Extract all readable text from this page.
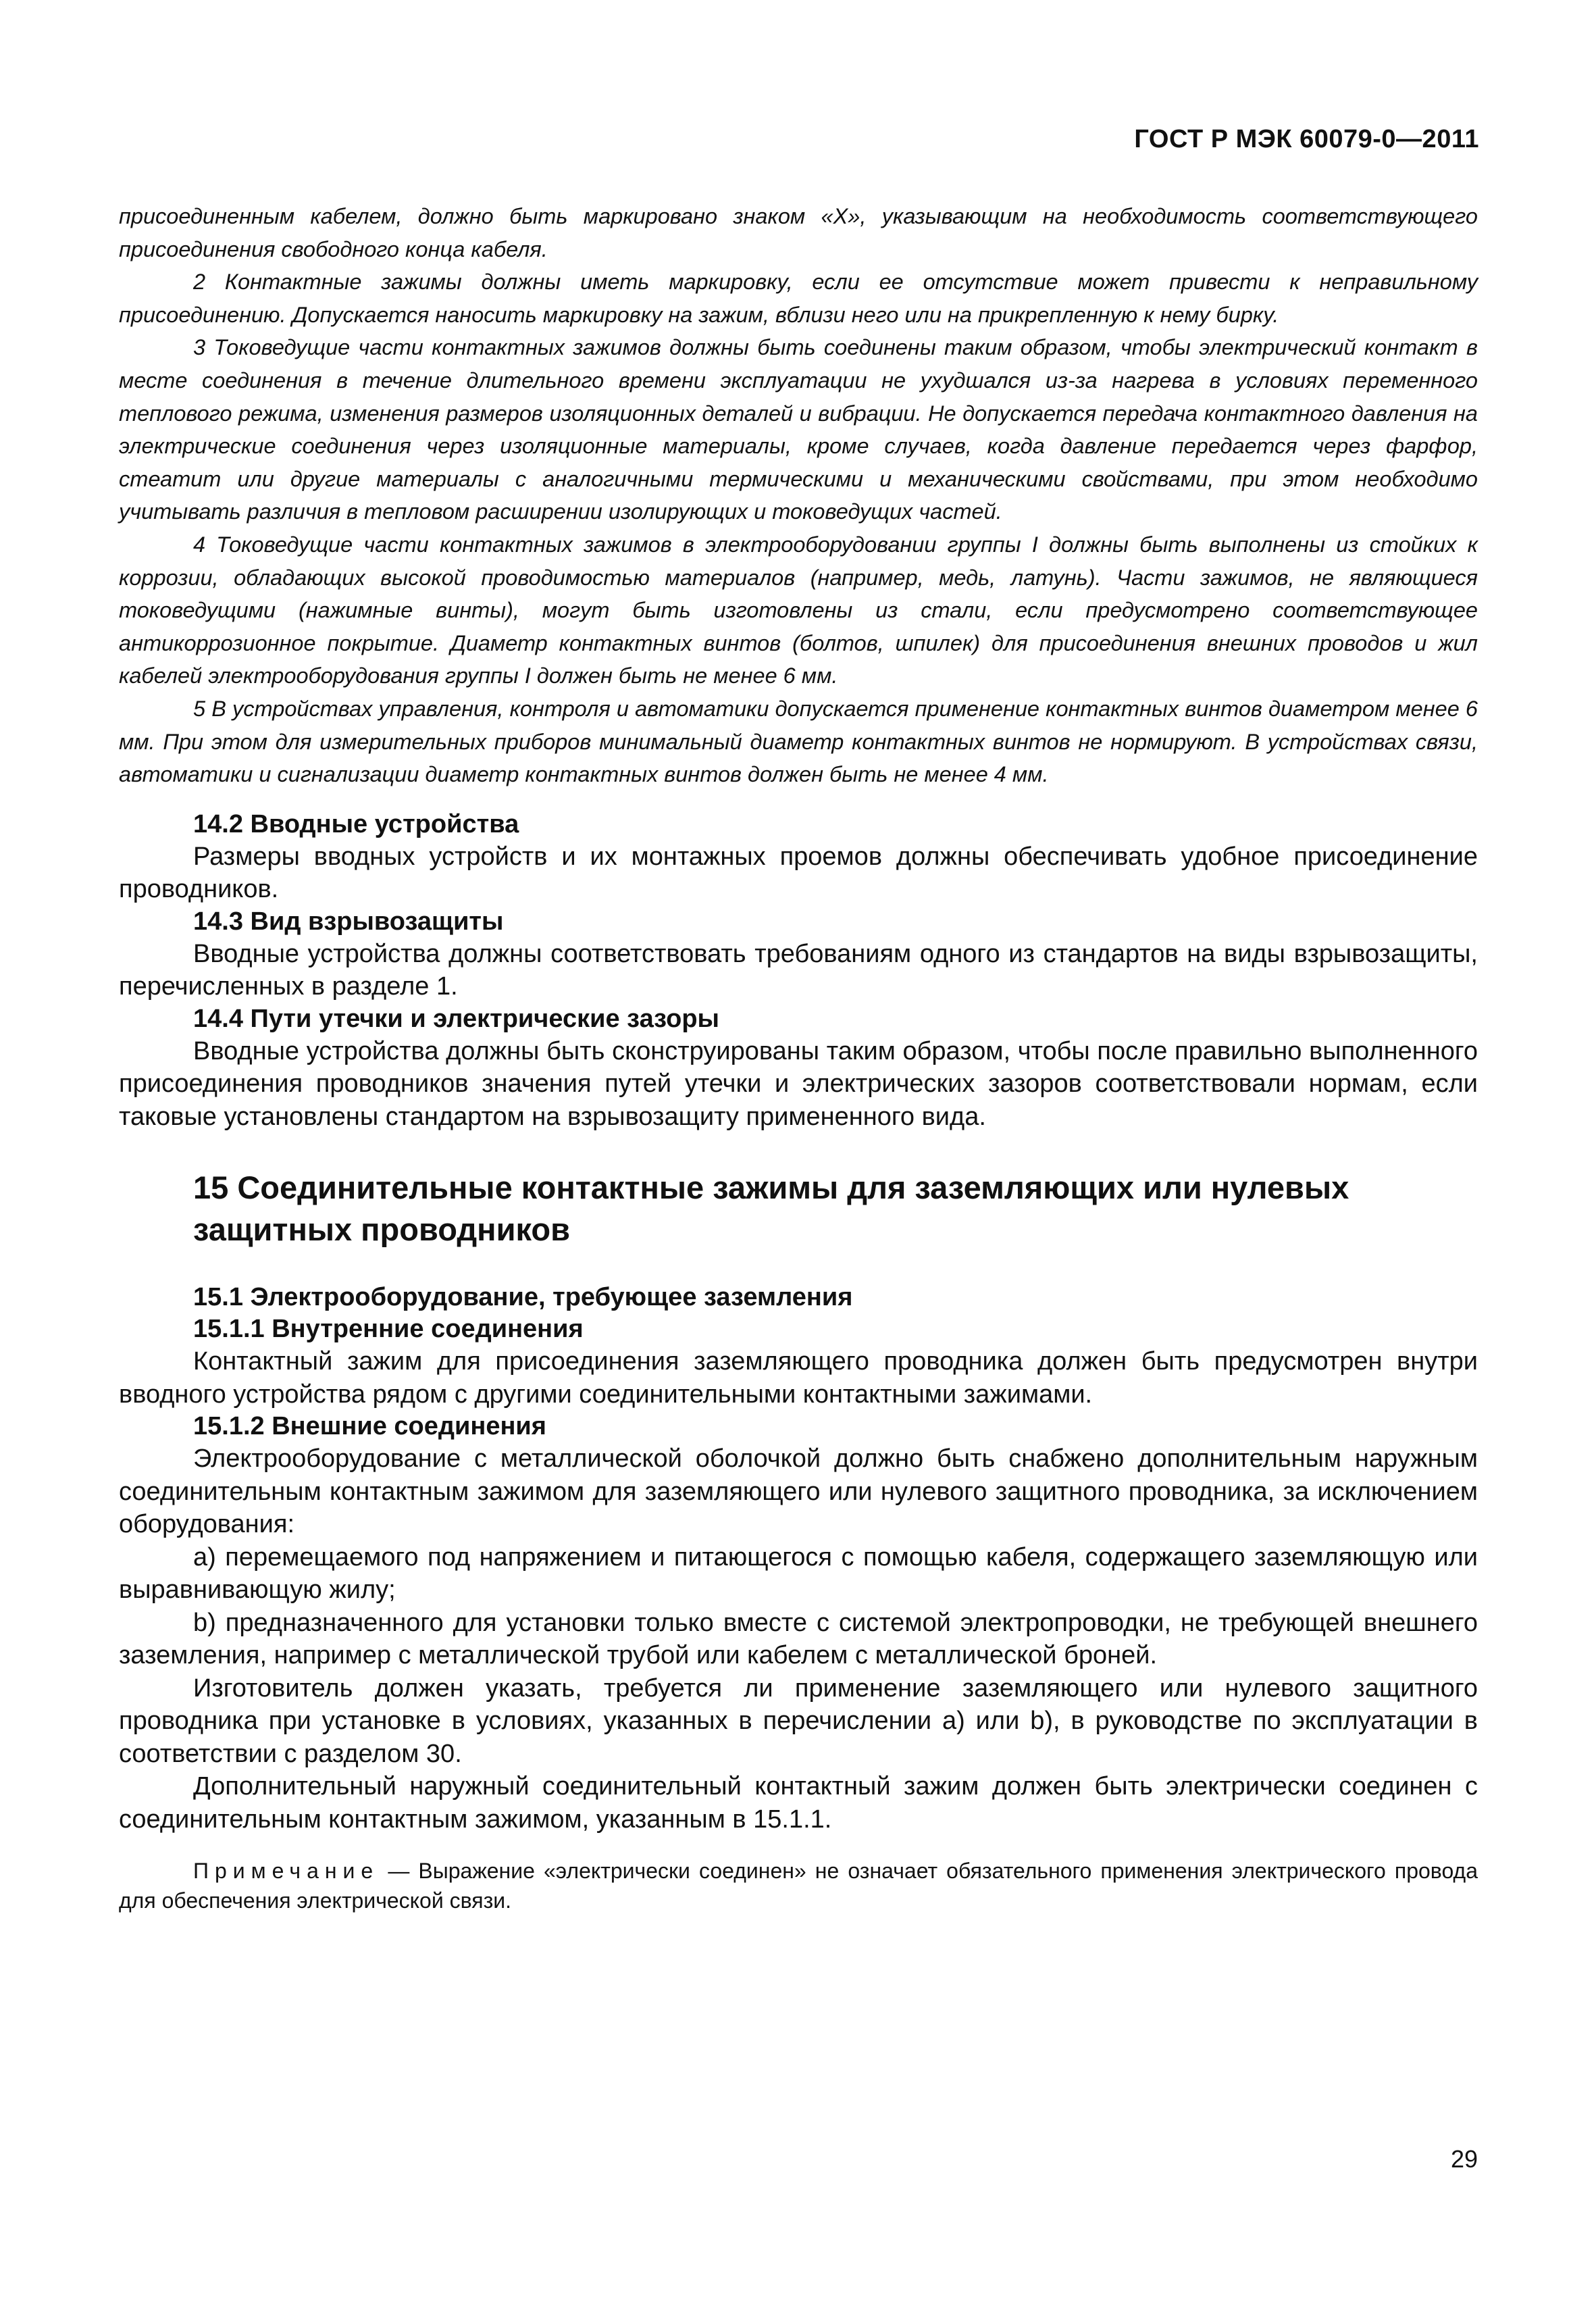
ГОСТ Р МЭК 60079-0—2011

присоединенным кабелем, должно быть маркировано знаком «X», указывающим на необходимость соответствующего присоединения свободного конца кабеля.

2 Контактные зажимы должны иметь маркировку, если ее отсутствие может привести к неправильному присоединению. Допускается наносить маркировку на зажим, вблизи него или на прикрепленную к нему бирку.

3 Токоведущие части контактных зажимов должны быть соединены таким образом, чтобы электрический контакт в месте соединения в течение длительного времени эксплуатации не ухудшался из-за нагрева в условиях переменного теплового режима, изменения размеров изоляционных деталей и вибрации. Не допускается передача контактного давления на электрические соединения через изоляционные материалы, кроме случаев, когда давление передается через фарфор, стеатит или другие материалы с аналогичными термическими и механическими свойствами, при этом необходимо учитывать различия в тепловом расширении изолирующих и токоведущих частей.

4 Токоведущие части контактных зажимов в электрооборудовании группы I должны быть выполнены из стойких к коррозии, обладающих высокой проводимостью материалов (например, медь, латунь). Части зажимов, не являющиеся токоведущими (нажимные винты), могут быть изготовлены из стали, если предусмотрено соответствующее антикоррозионное покрытие. Диаметр контактных винтов (болтов, шпилек) для присоединения внешних проводов и жил кабелей электрооборудования группы I должен быть не менее 6 мм.

5 В устройствах управления, контроля и автоматики допускается применение контактных винтов диаметром менее 6 мм. При этом для измерительных приборов минимальный диаметр контактных винтов не нормируют. В устройствах связи, автоматики и сигнализации диаметр контактных винтов должен быть не менее 4 мм.

14.2 Вводные устройства

Размеры вводных устройств и их монтажных проемов должны обеспечивать удобное присоединение проводников.

14.3 Вид взрывозащиты

Вводные устройства должны соответствовать требованиям одного из стандартов на виды взрывозащиты, перечисленных в разделе 1.

14.4 Пути утечки и электрические зазоры

Вводные устройства должны быть сконструированы таким образом, чтобы после правильно выполненного присоединения проводников значения путей утечки и электрических зазоров соответствовали нормам, если таковые установлены стандартом на взрывозащиту примененного вида.

15 Соединительные контактные зажимы для заземляющих или нулевых защитных проводников

15.1 Электрооборудование, требующее заземления

15.1.1 Внутренние соединения

Контактный зажим для присоединения заземляющего проводника должен быть предусмотрен внутри вводного устройства рядом с другими соединительными контактными зажимами.

15.1.2 Внешние соединения

Электрооборудование с металлической оболочкой должно быть снабжено дополнительным наружным соединительным контактным зажимом для заземляющего или нулевого защитного проводника, за исключением оборудования:

a) перемещаемого под напряжением и питающегося с помощью кабеля, содержащего заземляющую или выравнивающую жилу;

b) предназначенного для установки только вместе с системой электропроводки, не требующей внешнего заземления, например с металлической трубой или кабелем с металлической броней.

Изготовитель должен указать, требуется ли применение заземляющего или нулевого защитного проводника при установке в условиях, указанных в перечислении a) или b), в руководстве по эксплуатации в соответствии с разделом 30.

Дополнительный наружный соединительный контактный зажим должен быть электрически соединен с соединительным контактным зажимом, указанным в 15.1.1.

Примечание — Выражение «электрически соединен» не означает обязательного применения электрического провода для обеспечения электрической связи.

29
